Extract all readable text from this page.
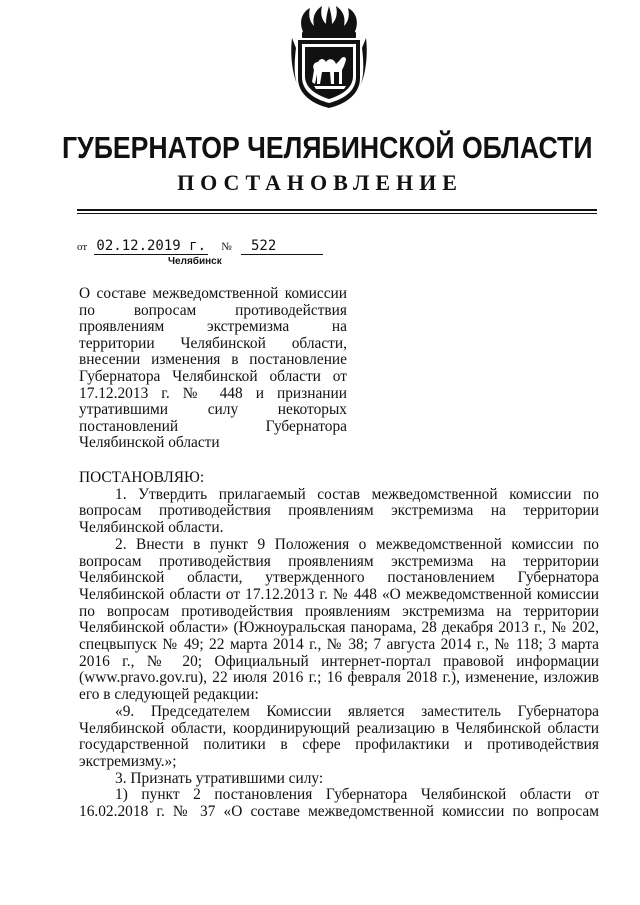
ГУБЕРНАТОР ЧЕЛЯБИНСКОЙ ОБЛАСТИ
ПОСТАНОВЛЕНИЕ
от 02.12.2019 г. № 522
Челябинск

О составе межведомственной комиссии по вопросам противодействия проявлениям экстремизма на территории Челябинской области, внесении изменения в постановление Губернатора Челябинской области от 17.12.2013 г. № 448 и признании утратившими силу некоторых постановлений Губернатора Челябинской области

ПОСТАНОВЛЯЮ:

1. Утвердить прилагаемый состав межведомственной комиссии по вопросам противодействия проявлениям экстремизма на территории Челябинской области.

2. Внести в пункт 9 Положения о межведомственной комиссии по вопросам противодействия проявлениям экстремизма на территории Челябинской области, утвержденного постановлением Губернатора Челябинской области от 17.12.2013 г. № 448 «О межведомственной комиссии по вопросам противодействия проявлениям экстремизма на территории Челябинской области» (Южноуральская панорама, 28 декабря 2013 г., № 202, спецвыпуск № 49; 22 марта 2014 г., № 38; 7 августа 2014 г., № 118; 3 марта 2016 г., № 20; Официальный интернет-портал правовой информации (www.pravo.gov.ru), 22 июля 2016 г.; 16 февраля 2018 г.), изменение, изложив его в следующей редакции:

«9. Председателем Комиссии является заместитель Губернатора Челябинской области, координирующий реализацию в Челябинской области государственной политики в сфере профилактики и противодействия экстремизму.»;

3. Признать утратившими силу:

1) пункт 2 постановления Губернатора Челябинской области от 16.02.2018 г. № 37 «О составе межведомственной комиссии по вопросам
